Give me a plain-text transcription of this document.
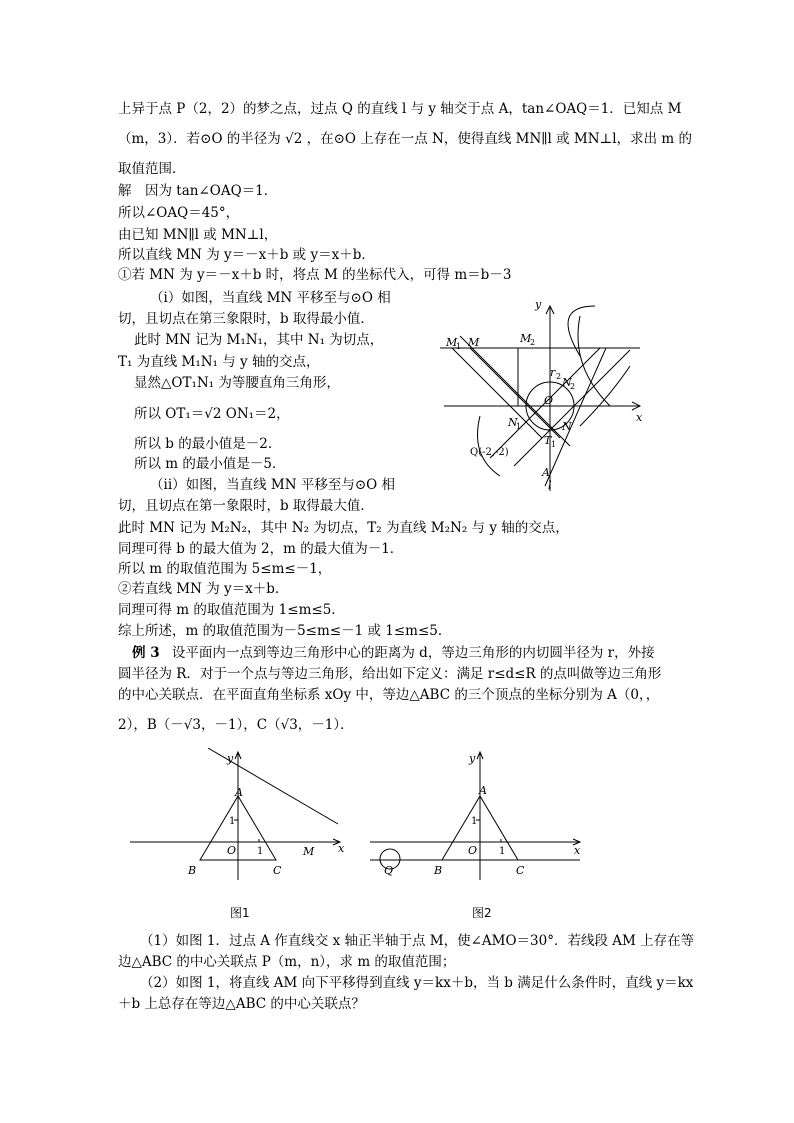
上异于点 P（2，2）的梦之点，过点 Q 的直线 l 与 y 轴交于点 A，tan∠OAQ＝1．已知点 M
（m，3）．若⊙O 的半径为 √2 ，在⊙O 上存在一点 N，使得直线 MN∥l 或 MN⊥l，求出 m 的
取值范围．
解　因为 tan∠OAQ＝1．
所以∠OAQ＝45°，
由已知 MN∥l 或 MN⊥l，
所以直线 MN 为 y＝－x＋b 或 y＝x＋b．
①若 MN 为 y＝－x＋b 时，将点 M 的坐标代入，可得 m＝b－3
（i）如图，当直线 MN 平移至与⊙O 相
切，且切点在第三象限时，b 取得最小值．
此时 MN 记为 M₁N₁，其中 N₁ 为切点，
T₁ 为直线 M₁N₁ 与 y 轴的交点，
显然△OT₁N₁ 为等腰直角三角形，
所以 OT₁＝√2 ON₁＝2，
所以 b 的最小值是－2．
所以 m 的最小值是－5．
（ii）如图，当直线 MN 平移至与⊙O 相
切，且切点在第一象限时，b 取得最大值．
此时 MN 记为 M₂N₂，其中 N₂ 为切点，T₂ 为直线 M₂N₂ 与 y 轴的交点，
同理可得 b 的最大值为 2，m 的最大值为－1．
所以 m 的取值范围为 5≤m≤－1，
②若直线 MN 为 y＝x＋b．
同理可得 m 的取值范围为 1≤m≤5．
综上所述，m 的取值范围为－5≤m≤－1 或 1≤m≤5．
例 3 设平面内一点到等边三角形中心的距离为 d，等边三角形的内切圆半径为 r，外接
圆半径为 R．对于一个点与等边三角形，给出如下定义：满足 r≤d≤R 的点叫做等边三角形
的中心关联点．在平面直角坐标系 xOy 中，等边△ABC 的三个顶点的坐标分别为 A（0，，
2），B（－√3，－1），C（√3，－1）．
（1）如图 1．过点 A 作直线交 x 轴正半轴于点 M，使∠AMO＝30°．若线段 AM 上存在等
边△ABC 的中心关联点 P（m，n），求 m 的取值范围；
（2）如图 1，将直线 AM 向下平移得到直线 y＝kx＋b，当 b 满足什么条件时，直线 y＝kx
＋b 上总存在等边△ABC 的中心关联点？
y
x
O
M
1 M	M
2
r 2 N
2
N
1	N
T 1
Q(-2,-2)
A
l
y
x
A
1
O 1	M
B	C
图1
y
x
A
1
O 1
Q	B	C
图2
